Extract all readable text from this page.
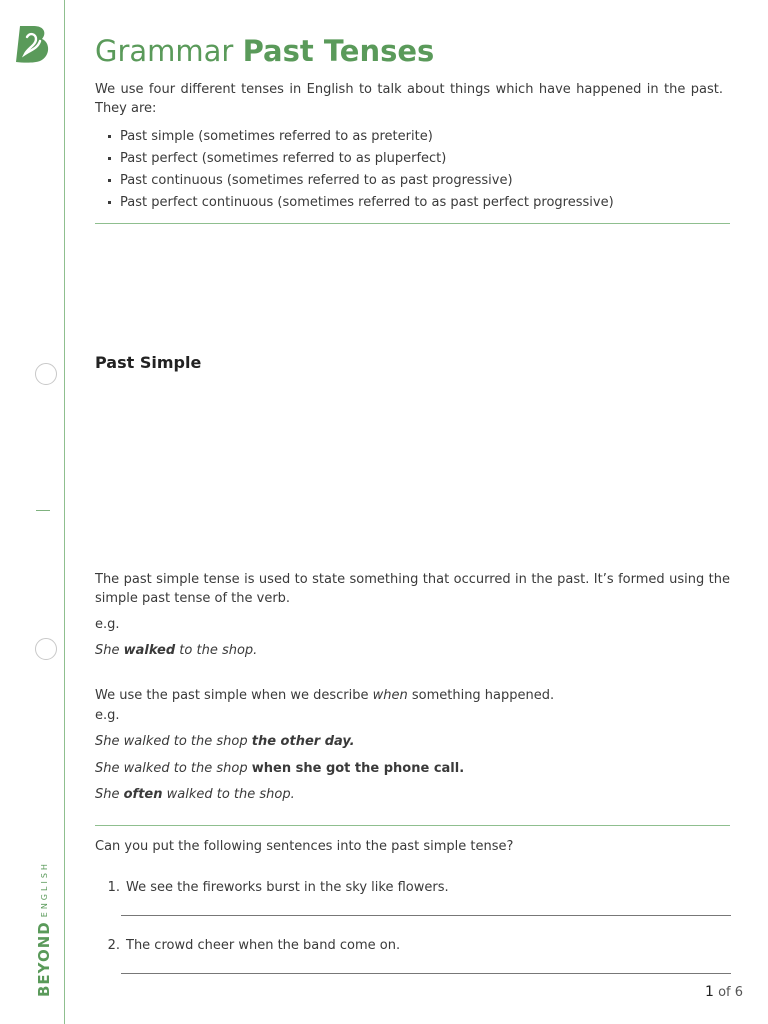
BEYONDENGLISH
Grammar Past Tenses

We use four different tenses in English to talk about things which have happened in the past. They are:

Past simple (sometimes referred to as preterite)
Past perfect (sometimes referred to as pluperfect)
Past continuous (sometimes referred to as past progressive)
Past perfect continuous (sometimes referred to as past perfect progressive)
Past Simple

The past simple tense is used to state something that occurred in the past. It’s formed using the simple past tense of the verb.

e.g.
She walked to the shop.
We use the past simple when we describe when something happened.
e.g.
She walked to the shop the other day.
She walked to the shop when she got the phone call.
She often walked to the shop.
Can you put the following sentences into the past simple tense?
1 . We see the fireworks burst in the sky like flowers.
2 . The crowd cheer when the band come on.
1 of 6
